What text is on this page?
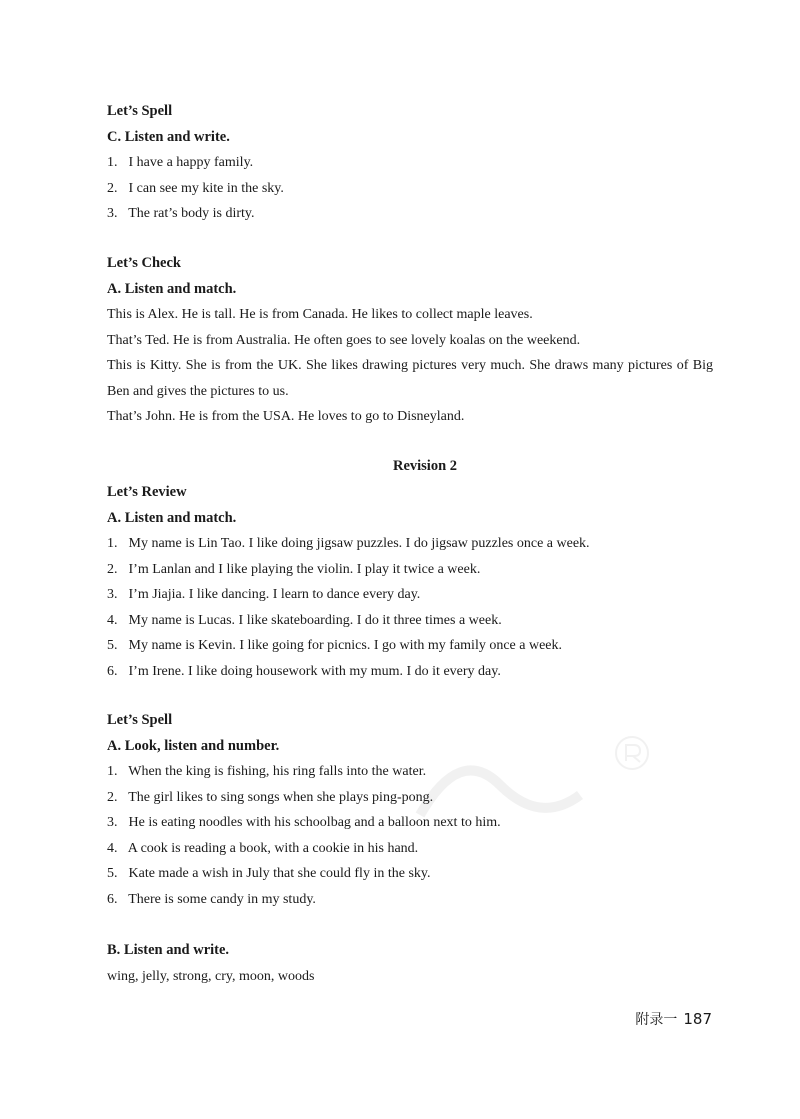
Let’s Spell

C. Listen and write.

1. I have a happy family.

2. I can see my kite in the sky.

3. The rat’s body is dirty.

Let’s Check

A. Listen and match.

This is Alex. He is tall. He is from Canada. He likes to collect maple leaves.

That’s Ted. He is from Australia. He often goes to see lovely koalas on the weekend.

This is Kitty. She is from the UK. She likes drawing pictures very much. She draws many pictures of Big Ben and gives the pictures to us.

That’s John. He is from the USA. He loves to go to Disneyland.

Revision 2

Let’s Review

A. Listen and match.

1. My name is Lin Tao. I like doing jigsaw puzzles. I do jigsaw puzzles once a week.

2. I’m Lanlan and I like playing the violin. I play it twice a week.

3. I’m Jiajia. I like dancing. I learn to dance every day.

4. My name is Lucas. I like skateboarding. I do it three times a week.

5. My name is Kevin. I like going for picnics. I go with my family once a week.

6. I’m Irene. I like doing housework with my mum. I do it every day.

Let’s Spell

A. Look, listen and number.

1. When the king is fishing, his ring falls into the water.

2. The girl likes to sing songs when she plays ping-pong.

3. He is eating noodles with his schoolbag and a balloon next to him.

4. A cook is reading a book, with a cookie in his hand.

5. Kate made a wish in July that she could fly in the sky.

6. There is some candy in my study.

B. Listen and write.

wing, jelly, strong, cry, moon, woods

附录一 187
